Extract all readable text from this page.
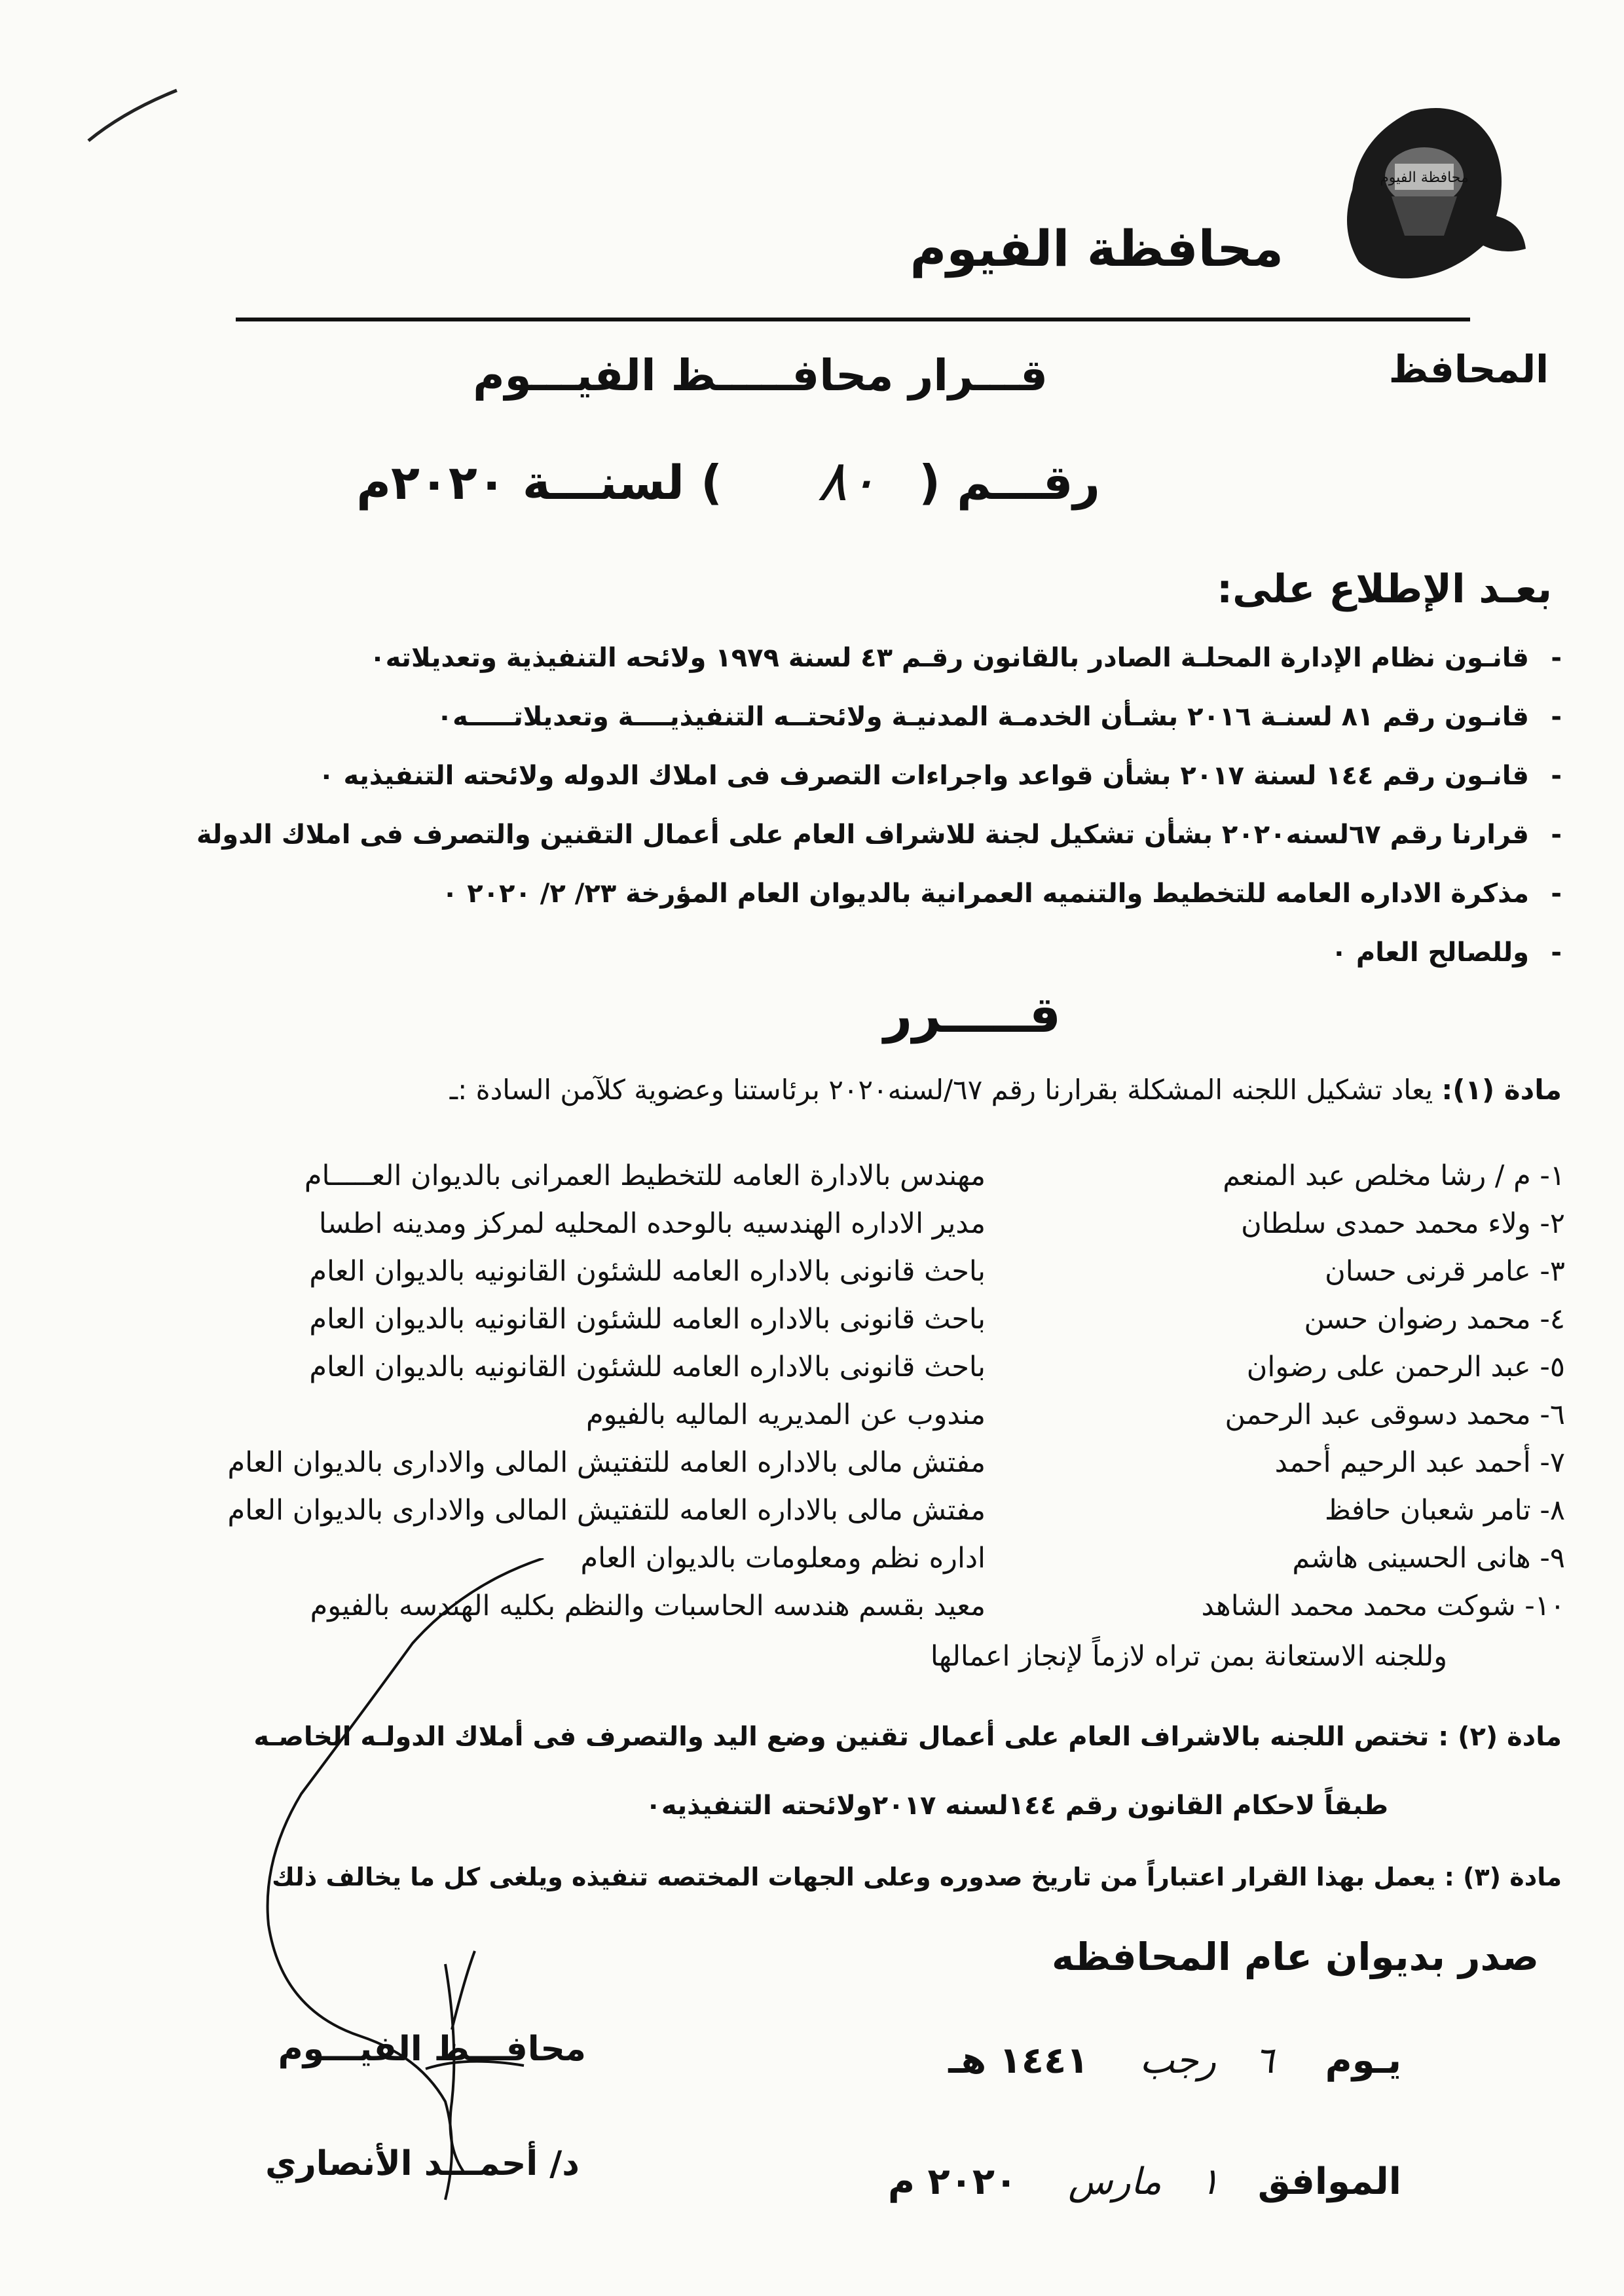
محافظة الفيوم
محافظة الفيوم
المحافظ
قـــرار محافـــــظ الفيـــوم
رقـــم (  ) لسنـــة ٢٠٢٠م	٨٠
بعـد الإطلاع على:
-قانـون نظام الإدارة المحلـة الصادر بالقانون رقـم ٤٣ لسنة ١٩٧٩ ولائحه التنفيذية وتعديلاته٠
-قانـون رقم ٨١ لسنـة ٢٠١٦ بشـأن الخدمـة المدنيـة ولائحتــه التنفيذيــــة وتعديلاتـــــه٠
-قانـون رقم ١٤٤ لسنة ٢٠١٧ بشأن قواعد واجراءات التصرف فى املاك الدوله ولائحته التنفيذيه ٠
-قرارنا رقم ٦٧لسنه٢٠٢٠ بشأن تشكيل لجنة للاشراف العام على أعمال التقنين والتصرف فى املاك الدولة
-مذكرة الاداره العامه للتخطيط والتنميه العمرانية بالديوان العام المؤرخة ٢٣/ ٢/ ٢٠٢٠ ٠
-وللصالح العام ٠
قـــــرر
مادة (١): يعاد تشكيل اللجنه المشكلة بقرارنا رقم ٦٧/لسنه٢٠٢٠ برئاستنا وعضوية كلآمن السادة :ـ
١- م / رشا مخلص عبد المنعم
مهندس بالادارة العامه للتخطيط العمرانى بالديوان العـــــام
٢- ولاء محمد حمدى سلطان
مدير الاداره الهندسيه بالوحده المحليه لمركز ومدينه اطسا
٣- عامر قرنى حسان
باحث قانونى بالاداره العامه للشئون القانونيه بالديوان العام
٤- محمد رضوان حسن
باحث قانونى بالاداره العامه للشئون القانونيه بالديوان العام
٥- عبد الرحمن على رضوان
باحث قانونى بالاداره العامه للشئون القانونيه بالديوان العام
٦- محمد دسوقى عبد الرحمن
مندوب عن المديريه الماليه بالفيوم
٧- أحمد عبد الرحيم أحمد
مفتش مالى بالاداره العامه للتفتيش المالى والادارى بالديوان العام
٨- تامر شعبان حافظ
مفتش مالى بالاداره العامه للتفتيش المالى والادارى بالديوان العام
٩- هانى الحسينى هاشم
اداره نظم ومعلومات بالديوان العام
١٠- شوكت محمد محمد الشاهد
معيد بقسم هندسه الحاسبات والنظم بكليه الهندسه بالفيوم
وللجنه الاستعانة بمن تراه لازماً لإنجاز اعمالها
مادة (٢) : تختص اللجنه بالاشراف العام على أعمال تقنين وضع اليد والتصرف فى أملاك الدولـه الخاصـه
طبقاً لاحكام القانون رقم ١٤٤لسنه ٢٠١٧ولائحته التنفيذيه٠
مادة (٣) : يعمل بهذا القرار اعتباراً من تاريخ صدوره وعلى الجهات المختصه تنفيذه ويلغى كل ما يخالف ذلك
صدر بديوان عام المحافظه
يـوم    ٦   رجب    ١٤٤١ هـ
الموافق   ١   مارس    ٢٠٢٠ م
محافـــظ الفيـــوم
د/ أحمـــد الأنصاري
